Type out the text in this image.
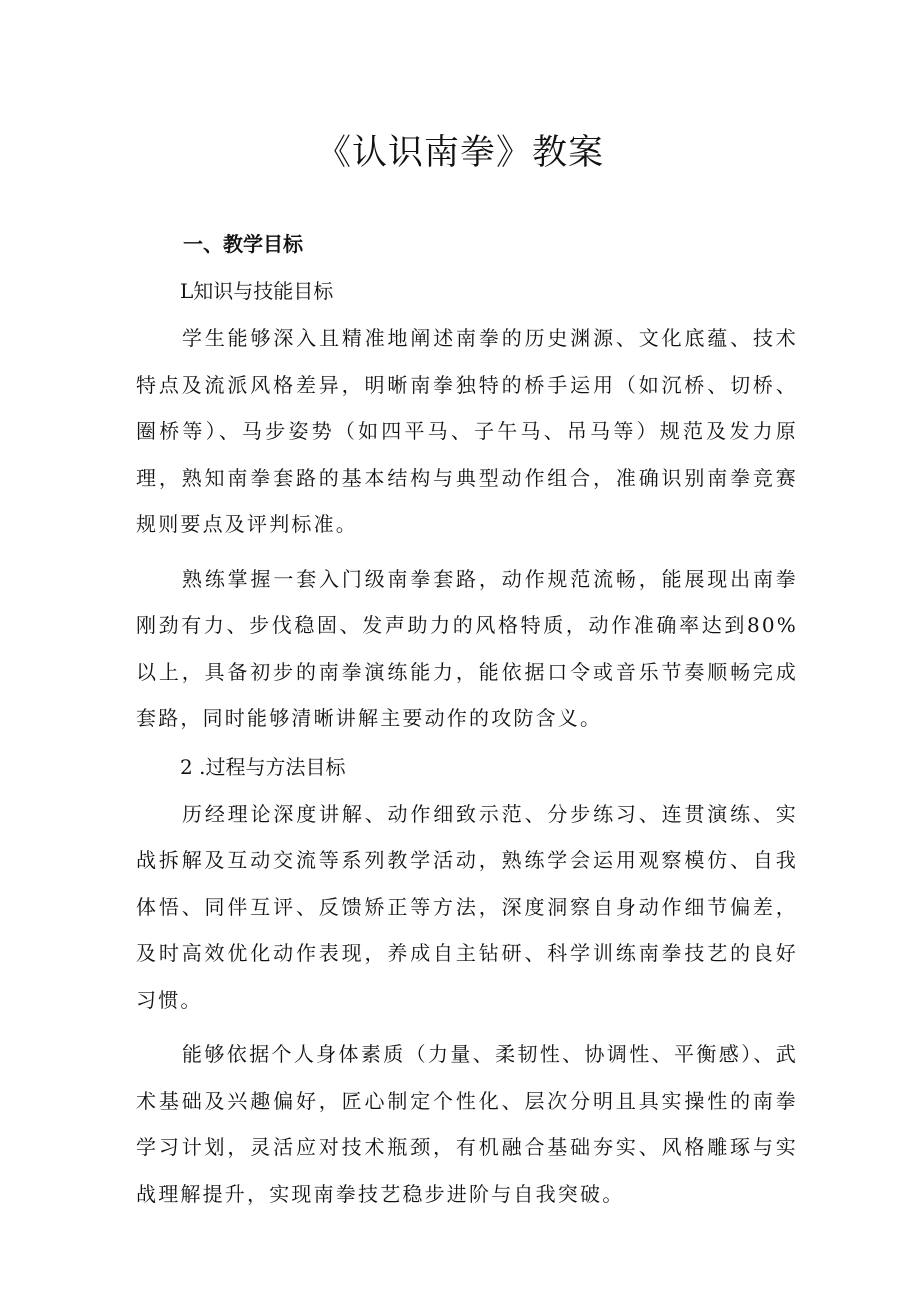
《认识南拳》教案
一、教学目标
L知识与技能目标

学生能够深入且精准地阐述南拳的历史渊源、文化底蕴、技术特点及流派风格差异，明晰南拳独特的桥手运用（如沉桥、切桥、圈桥等）、马步姿势（如四平马、子午马、吊马等）规范及发力原理，熟知南拳套路的基本结构与典型动作组合，准确识别南拳竞赛规则要点及评判标准。

熟练掌握一套入门级南拳套路，动作规范流畅，能展现出南拳刚劲有力、步伐稳固、发声助力的风格特质，动作准确率达到80%以上，具备初步的南拳演练能力，能依据口令或音乐节奏顺畅完成套路，同时能够清晰讲解主要动作的攻防含义。

2 .过程与方法目标

历经理论深度讲解、动作细致示范、分步练习、连贯演练、实战拆解及互动交流等系列教学活动，熟练学会运用观察模仿、自我体悟、同伴互评、反馈矫正等方法，深度洞察自身动作细节偏差，及时高效优化动作表现，养成自主钻研、科学训练南拳技艺的良好习惯。

能够依据个人身体素质（力量、柔韧性、协调性、平衡感）、武术基础及兴趣偏好，匠心制定个性化、层次分明且具实操性的南拳学习计划，灵活应对技术瓶颈，有机融合基础夯实、风格雕琢与实战理解提升，实现南拳技艺稳步进阶与自我突破。
